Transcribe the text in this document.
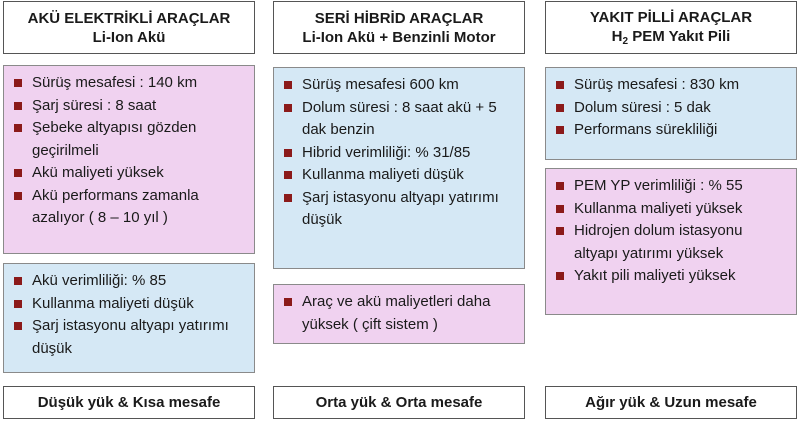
AKÜ ELEKTRİKLİ ARAÇLAR
Li-Ion Akü
Sürüş mesafesi : 140 km
Şarj süresi : 8 saat
Şebeke altyapısı gözden geçirilmeli
Akü maliyeti yüksek
Akü performans zamanla azalıyor ( 8 – 10 yıl )
Akü verimliliği: % 85
Kullanma maliyeti düşük
Şarj istasyonu altyapı yatırımı düşük
Düşük yük & Kısa mesafe
SERİ HİBRİD ARAÇLAR
Li-Ion Akü + Benzinli Motor
Sürüş mesafesi 600 km
Dolum süresi : 8 saat akü + 5 dak benzin
Hibrid verimliliği: % 31/85
Kullanma maliyeti düşük
Şarj istasyonu altyapı yatırımı düşük
Araç ve akü maliyetleri daha yüksek ( çift sistem )
Orta yük & Orta mesafe
YAKIT PİLLİ ARAÇLAR
$H_2$ PEM Yakıt Pili
Sürüş mesafesi : 830 km
Dolum süresi : 5 dak
Performans sürekliliği
PEM YP verimliliği : % 55
Kullanma maliyeti yüksek
Hidrojen dolum istasyonu altyapı yatırımı yüksek
Yakıt pili maliyeti yüksek
Ağır yük & Uzun mesafe
